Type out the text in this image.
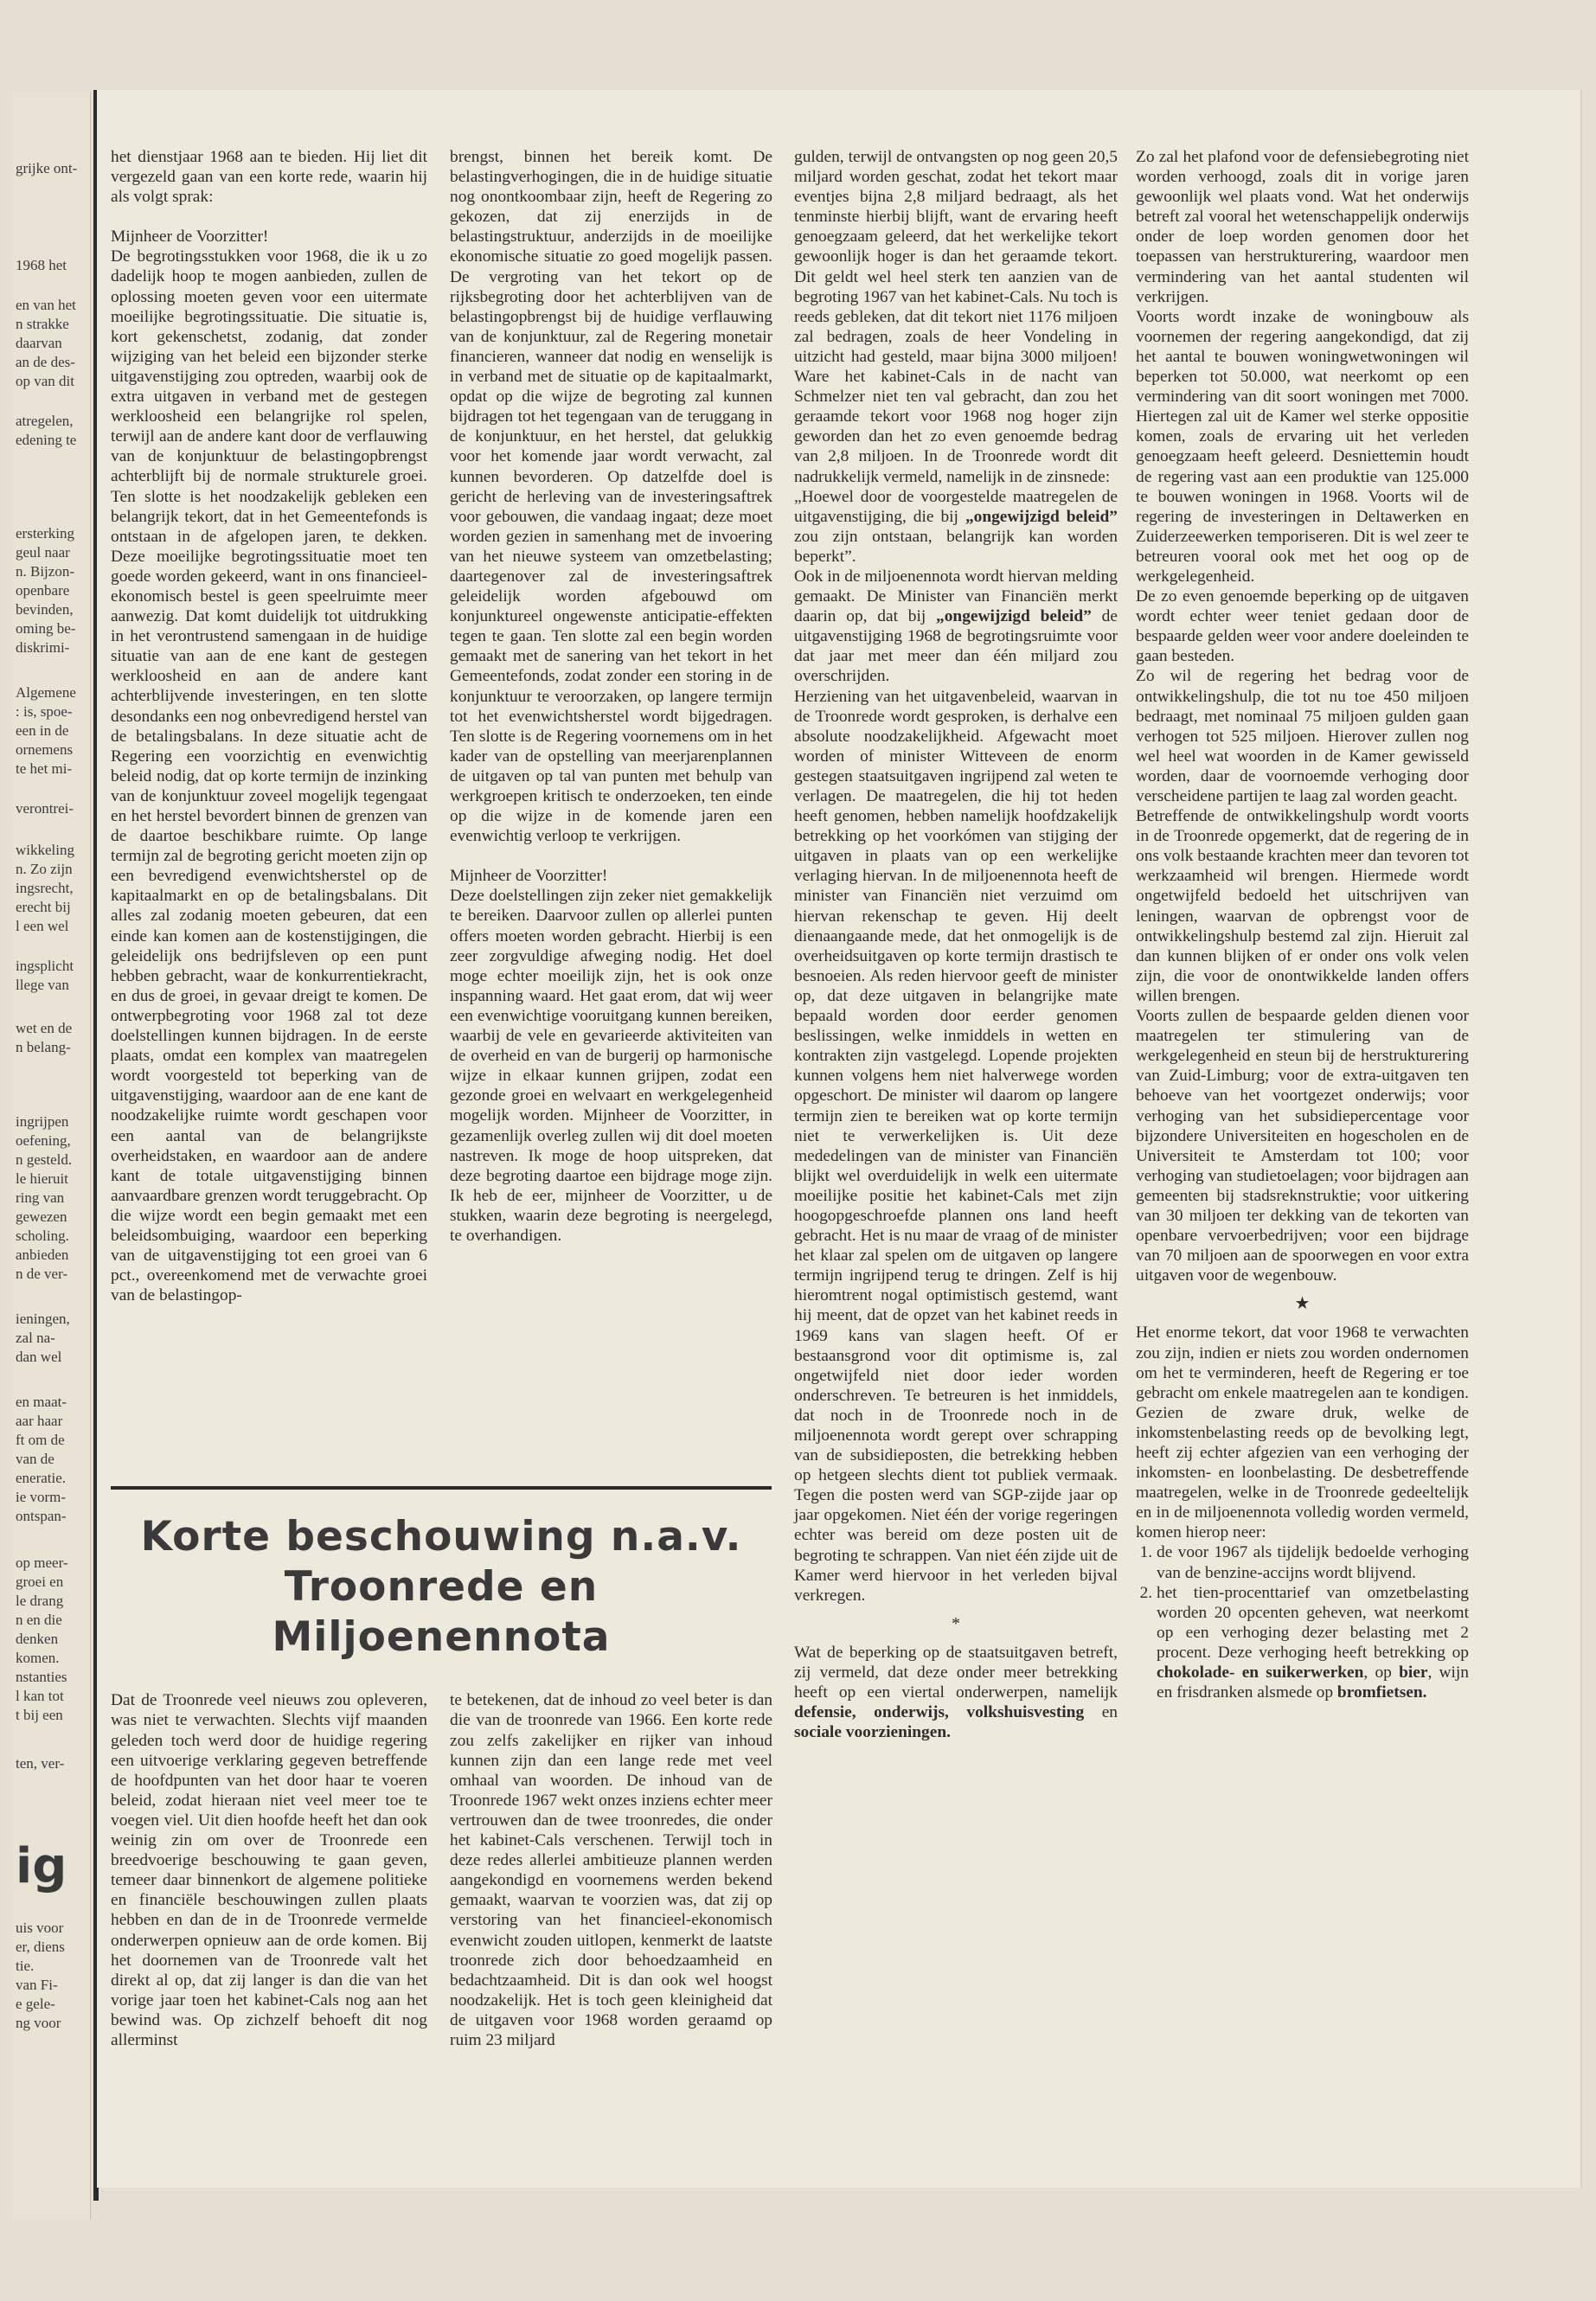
grijke ont-
1968 het
en van het
n strakke
daarvan
an de des-
op van dit
atregelen,
edening te
ersterking
geul naar
n. Bijzon-
openbare
bevinden,
oming be-
diskrimi-
Algemene
: is, spoe-
een in de
ornemens
te het mi-
verontrei-
wikkeling
n. Zo zijn
ingsrecht,
erecht bij
l een wel
ingsplicht
llege van
wet en de
n belang-
ingrijpen
oefening,
n gesteld.
le hieruit
ring van
gewezen
scholing.
anbieden
n de ver-
ieningen,
zal na-
dan wel
en maat-
aar haar
ft om de
van de
eneratie.
ie vorm-
ontspan-
op meer-
groei en
le drang
n en die
denken
komen.
nstanties
l kan tot
t bij een
ten, ver-
ig
uis voor
er, diens
tie.
van Fi-
e gele-
ng voor

het dienstjaar 1968 aan te bieden. Hij liet dit vergezeld gaan van een korte rede, waarin hij als volgt sprak:

Mijnheer de Voorzitter!

De begrotingsstukken voor 1968, die ik u zo dadelijk hoop te mogen aanbieden, zullen de oplossing moeten geven voor een uitermate moeilijke begrotingssituatie. Die situatie is, kort gekenschetst, zodanig, dat zonder wijziging van het beleid een bijzonder sterke uitgavenstijging zou optreden, waarbij ook de extra uitgaven in verband met de gestegen werkloosheid een belangrijke rol spelen, terwijl aan de andere kant door de verflauwing van de konjunktuur de belastingopbrengst achterblijft bij de normale strukturele groei. Ten slotte is het noodzakelijk gebleken een belangrijk tekort, dat in het Gemeentefonds is ontstaan in de afgelopen jaren, te dekken. Deze moeilijke begrotingssituatie moet ten goede worden gekeerd, want in ons financieel-ekonomisch bestel is geen speelruimte meer aanwezig. Dat komt duidelijk tot uitdrukking in het verontrustend samengaan in de huidige situatie van aan de ene kant de gestegen werkloosheid en aan de andere kant achterblijvende investeringen, en ten slotte desondanks een nog onbevredigend herstel van de betalingsbalans. In deze situatie acht de Regering een voorzichtig en evenwichtig beleid nodig, dat op korte termijn de inzinking van de konjunktuur zoveel mogelijk tegengaat en het herstel bevordert binnen de grenzen van de daartoe beschikbare ruimte. Op lange termijn zal de begroting gericht moeten zijn op een bevredigend evenwichtsherstel op de kapitaalmarkt en op de betalingsbalans. Dit alles zal zodanig moeten gebeuren, dat een einde kan komen aan de kostenstijgingen, die geleidelijk ons bedrijfsleven op een punt hebben gebracht, waar de konkurrentiekracht, en dus de groei, in gevaar dreigt te komen. De ontwerpbegroting voor 1968 zal tot deze doelstellingen kunnen bijdragen. In de eerste plaats, omdat een komplex van maatregelen wordt voorgesteld tot beperking van de uitgavenstijging, waardoor aan de ene kant de noodzakelijke ruimte wordt geschapen voor een aantal van de belangrijkste overheidstaken, en waardoor aan de andere kant de totale uitgavenstijging binnen aanvaardbare grenzen wordt teruggebracht. Op die wijze wordt een begin gemaakt met een beleidsombuiging, waardoor een beperking van de uitgavenstijging tot een groei van 6 pct., overeenkomend met de verwachte groei van de belastingop-

brengst, binnen het bereik komt. De belastingverhogingen, die in de huidige situatie nog onontkoombaar zijn, heeft de Regering zo gekozen, dat zij enerzijds in de belastingstruktuur, anderzijds in de moeilijke ekonomische situatie zo goed mogelijk passen. De vergroting van het tekort op de rijksbegroting door het achterblijven van de belastingopbrengst bij de huidige verflauwing van de konjunktuur, zal de Regering monetair financieren, wanneer dat nodig en wenselijk is in verband met de situatie op de kapitaalmarkt, opdat op die wijze de begroting zal kunnen bijdragen tot het tegengaan van de teruggang in de konjunktuur, en het herstel, dat gelukkig voor het komende jaar wordt verwacht, zal kunnen bevorderen. Op datzelfde doel is gericht de herleving van de investeringsaftrek voor gebouwen, die vandaag ingaat; deze moet worden gezien in samenhang met de invoering van het nieuwe systeem van omzetbelasting; daartegenover zal de investeringsaftrek geleidelijk worden afgebouwd om konjunktureel ongewenste anticipatie-effekten tegen te gaan. Ten slotte zal een begin worden gemaakt met de sanering van het tekort in het Gemeentefonds, zodat zonder een storing in de konjunktuur te veroorzaken, op langere termijn tot het evenwichtsherstel wordt bijgedragen. Ten slotte is de Regering voornemens om in het kader van de opstelling van meerjarenplannen de uitgaven op tal van punten met behulp van werkgroepen kritisch te onderzoeken, ten einde op die wijze in de komende jaren een evenwichtig verloop te verkrijgen.

Mijnheer de Voorzitter!

Deze doelstellingen zijn zeker niet gemakkelijk te bereiken. Daarvoor zullen op allerlei punten offers moeten worden gebracht. Hierbij is een zeer zorgvuldige afweging nodig. Het doel moge echter moeilijk zijn, het is ook onze inspanning waard. Het gaat erom, dat wij weer een evenwichtige vooruitgang kunnen bereiken, waarbij de vele en gevarieerde aktiviteiten van de overheid en van de burgerij op harmonische wijze in elkaar kunnen grijpen, zodat een gezonde groei en welvaart en werkgelegenheid mogelijk worden. Mijnheer de Voorzitter, in gezamenlijk overleg zullen wij dit doel moeten nastreven. Ik moge de hoop uitspreken, dat deze begroting daartoe een bijdrage moge zijn. Ik heb de eer, mijnheer de Voorzitter, u de stukken, waarin deze begroting is neergelegd, te overhandigen.

gulden, terwijl de ontvangsten op nog geen 20,5 miljard worden geschat, zodat het tekort maar eventjes bijna 2,8 miljard bedraagt, als het tenminste hierbij blijft, want de ervaring heeft genoegzaam geleerd, dat het werkelijke tekort gewoonlijk hoger is dan het geraamde tekort. Dit geldt wel heel sterk ten aanzien van de begroting 1967 van het kabinet-Cals. Nu toch is reeds gebleken, dat dit tekort niet 1176 miljoen zal bedragen, zoals de heer Vondeling in uitzicht had gesteld, maar bijna 3000 miljoen! Ware het kabinet-Cals in de nacht van Schmelzer niet ten val gebracht, dan zou het geraamde tekort voor 1968 nog hoger zijn geworden dan het zo even genoemde bedrag van 2,8 miljoen. In de Troonrede wordt dit nadrukkelijk vermeld, namelijk in de zinsnede:

„Hoewel door de voorgestelde maatregelen de uitgavenstijging, die bij „ongewijzigd beleid” zou zijn ontstaan, belangrijk kan worden beperkt”.

Ook in de miljoenennota wordt hiervan melding gemaakt. De Minister van Financiën merkt daarin op, dat bij „ongewijzigd beleid” de uitgavenstijging 1968 de begrotingsruimte voor dat jaar met meer dan één miljard zou overschrijden.

Herziening van het uitgavenbeleid, waarvan in de Troonrede wordt gesproken, is derhalve een absolute noodzakelijkheid. Afgewacht moet worden of minister Witteveen de enorm gestegen staatsuitgaven ingrijpend zal weten te verlagen. De maatregelen, die hij tot heden heeft genomen, hebben namelijk hoofdzakelijk betrekking op het voorkómen van stijging der uitgaven in plaats van op een werkelijke verlaging hiervan. In de miljoenennota heeft de minister van Financiën niet verzuimd om hiervan rekenschap te geven. Hij deelt dienaangaande mede, dat het onmogelijk is de overheidsuitgaven op korte termijn drastisch te besnoeien. Als reden hiervoor geeft de minister op, dat deze uitgaven in belangrijke mate bepaald worden door eerder genomen beslissingen, welke inmiddels in wetten en kontrakten zijn vastgelegd. Lopende projekten kunnen volgens hem niet halverwege worden opgeschort. De minister wil daarom op langere termijn zien te bereiken wat op korte termijn niet te verwerkelijken is. Uit deze mededelingen van de minister van Financiën blijkt wel overduidelijk in welk een uitermate moeilijke positie het kabinet-Cals met zijn hoogopgeschroefde plannen ons land heeft gebracht. Het is nu maar de vraag of de minister het klaar zal spelen om de uitgaven op langere termijn ingrijpend terug te dringen. Zelf is hij hieromtrent nogal optimistisch gestemd, want hij meent, dat de opzet van het kabinet reeds in 1969 kans van slagen heeft. Of er bestaansgrond voor dit optimisme is, zal ongetwijfeld niet door ieder worden onderschreven. Te betreuren is het inmiddels, dat noch in de Troonrede noch in de miljoenennota wordt gerept over schrapping van de subsidieposten, die betrekking hebben op hetgeen slechts dient tot publiek vermaak. Tegen die posten werd van SGP-zijde jaar op jaar opgekomen. Niet één der vorige regeringen echter was bereid om deze posten uit de begroting te schrappen. Van niet één zijde uit de Kamer werd hiervoor in het verleden bijval verkregen.

*

Wat de beperking op de staatsuitgaven betreft, zij vermeld, dat deze onder meer betrekking heeft op een viertal onderwerpen, namelijk defensie, onderwijs, volkshuisvesting en sociale voorzieningen.

Zo zal het plafond voor de defensiebegroting niet worden verhoogd, zoals dit in vorige jaren gewoonlijk wel plaats vond. Wat het onderwijs betreft zal vooral het wetenschappelijk onderwijs onder de loep worden genomen door het toepassen van herstrukturering, waardoor men vermindering van het aantal studenten wil verkrijgen.

Voorts wordt inzake de woningbouw als voornemen der regering aangekondigd, dat zij het aantal te bouwen woningwetwoningen wil beperken tot 50.000, wat neerkomt op een vermindering van dit soort woningen met 7000. Hiertegen zal uit de Kamer wel sterke oppositie komen, zoals de ervaring uit het verleden genoegzaam heeft geleerd. Desniettemin houdt de regering vast aan een produktie van 125.000 te bouwen woningen in 1968. Voorts wil de regering de investeringen in Deltawerken en Zuiderzeewerken temporiseren. Dit is wel zeer te betreuren vooral ook met het oog op de werkgelegenheid.

De zo even genoemde beperking op de uitgaven wordt echter weer teniet gedaan door de bespaarde gelden weer voor andere doeleinden te gaan besteden.

Zo wil de regering het bedrag voor de ontwikkelingshulp, die tot nu toe 450 miljoen bedraagt, met nominaal 75 miljoen gulden gaan verhogen tot 525 miljoen. Hierover zullen nog wel heel wat woorden in de Kamer gewisseld worden, daar de voornoemde verhoging door verscheidene partijen te laag zal worden geacht.

Betreffende de ontwikkelingshulp wordt voorts in de Troonrede opgemerkt, dat de regering de in ons volk bestaande krachten meer dan tevoren tot werkzaamheid wil brengen. Hiermede wordt ongetwijfeld bedoeld het uitschrijven van leningen, waarvan de opbrengst voor de ontwikkelingshulp bestemd zal zijn. Hieruit zal dan kunnen blijken of er onder ons volk velen zijn, die voor de onontwikkelde landen offers willen brengen.

Voorts zullen de bespaarde gelden dienen voor maatregelen ter stimulering van de werkgelegenheid en steun bij de herstrukturering van Zuid-Limburg; voor de extra-uitgaven ten behoeve van het voortgezet onderwijs; voor verhoging van het subsidiepercentage voor bijzondere Universiteiten en hogescholen en de Universiteit te Amsterdam tot 100; voor verhoging van studietoelagen; voor bijdragen aan gemeenten bij stadsreknstruktie; voor uitkering van 30 miljoen ter dekking van de tekorten van openbare vervoerbedrijven; voor een bijdrage van 70 miljoen aan de spoorwegen en voor extra uitgaven voor de wegenbouw.

★

Het enorme tekort, dat voor 1968 te verwachten zou zijn, indien er niets zou worden ondernomen om het te verminderen, heeft de Regering er toe gebracht om enkele maatregelen aan te kondigen. Gezien de zware druk, welke de inkomstenbelasting reeds op de bevolking legt, heeft zij echter afgezien van een verhoging der inkomsten- en loonbelasting. De desbetreffende maatregelen, welke in de Troonrede gedeeltelijk en in de miljoenennota volledig worden vermeld, komen hierop neer:

1. de voor 1967 als tijdelijk bedoelde verhoging van de benzine-accijns wordt blijvend.
2. het tien-procenttarief van omzetbelasting worden 20 opcenten geheven, wat neerkomt op een verhoging dezer belasting met 2 procent. Deze verhoging heeft betrekking op chokolade- en suikerwerken, op bier, wijn en frisdranken alsmede op bromfietsen.
Korte beschouwing n.a.v.
Troonrede en
Miljoenennota

Dat de Troonrede veel nieuws zou opleveren, was niet te verwachten. Slechts vijf maanden geleden toch werd door de huidige regering een uitvoerige verklaring gegeven betreffende de hoofdpunten van het door haar te voeren beleid, zodat hieraan niet veel meer toe te voegen viel. Uit dien hoofde heeft het dan ook weinig zin om over de Troonrede een breedvoerige beschouwing te gaan geven, temeer daar binnenkort de algemene politieke en financiële beschouwingen zullen plaats hebben en dan de in de Troonrede vermelde onderwerpen opnieuw aan de orde komen. Bij het doornemen van de Troonrede valt het direkt al op, dat zij langer is dan die van het vorige jaar toen het kabinet-Cals nog aan het bewind was. Op zichzelf behoeft dit nog allerminst

te betekenen, dat de inhoud zo veel beter is dan die van de troonrede van 1966. Een korte rede zou zelfs zakelijker en rijker van inhoud kunnen zijn dan een lange rede met veel omhaal van woorden. De inhoud van de Troonrede 1967 wekt onzes inziens echter meer vertrouwen dan de twee troonredes, die onder het kabinet-Cals verschenen. Terwijl toch in deze redes allerlei ambitieuze plannen werden aangekondigd en voornemens werden bekend gemaakt, waarvan te voorzien was, dat zij op verstoring van het financieel-ekonomisch evenwicht zouden uitlopen, kenmerkt de laatste troonrede zich door behoedzaamheid en bedachtzaamheid. Dit is dan ook wel hoogst noodzakelijk. Het is toch geen kleinigheid dat de uitgaven voor 1968 worden geraamd op ruim 23 miljard
